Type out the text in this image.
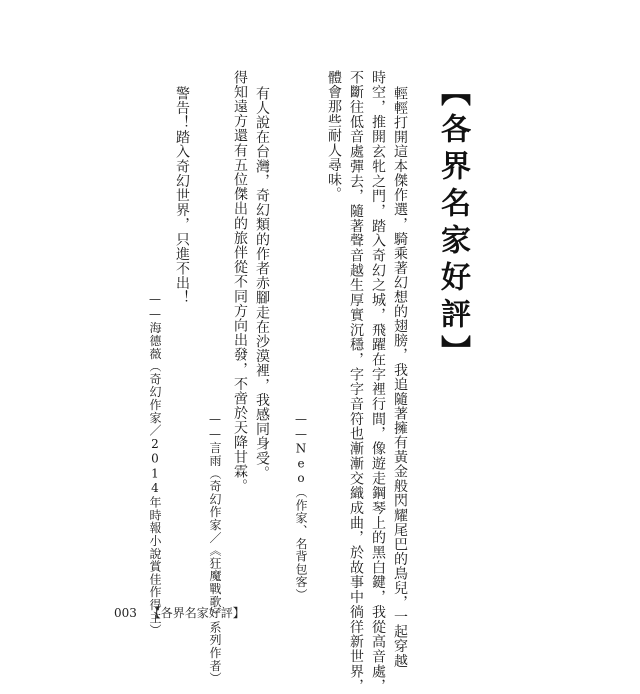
【各界名家好評】
輕輕打開這本傑作選，騎乘著幻想的翅膀，我追隨著擁有黃金般閃耀尾巴的鳥兒，一起穿越
時空，推開玄牝之門，踏入奇幻之城，飛躍在字裡行間，像遊走鋼琴上的黑白鍵，我從高音處，
不斷往低音處彈去，隨著聲音越生厚實沉穩，字字音符也漸漸交織成曲，於故事中徜徉新世界，
體會那些耐人尋味。
——Neo（作家、名背包客）
有人說在台灣，奇幻類的作者赤腳走在沙漠裡，我感同身受。
得知遠方還有五位傑出的旅伴從不同方向出發，不啻於天降甘霖。
——言雨（奇幻作家／《狂魔戰歌》系列作者）
警告！踏入奇幻世界，只進不出！
——海德薇（奇幻作家／2014年時報小說賞佳作得主）
003 【各界名家好評】
